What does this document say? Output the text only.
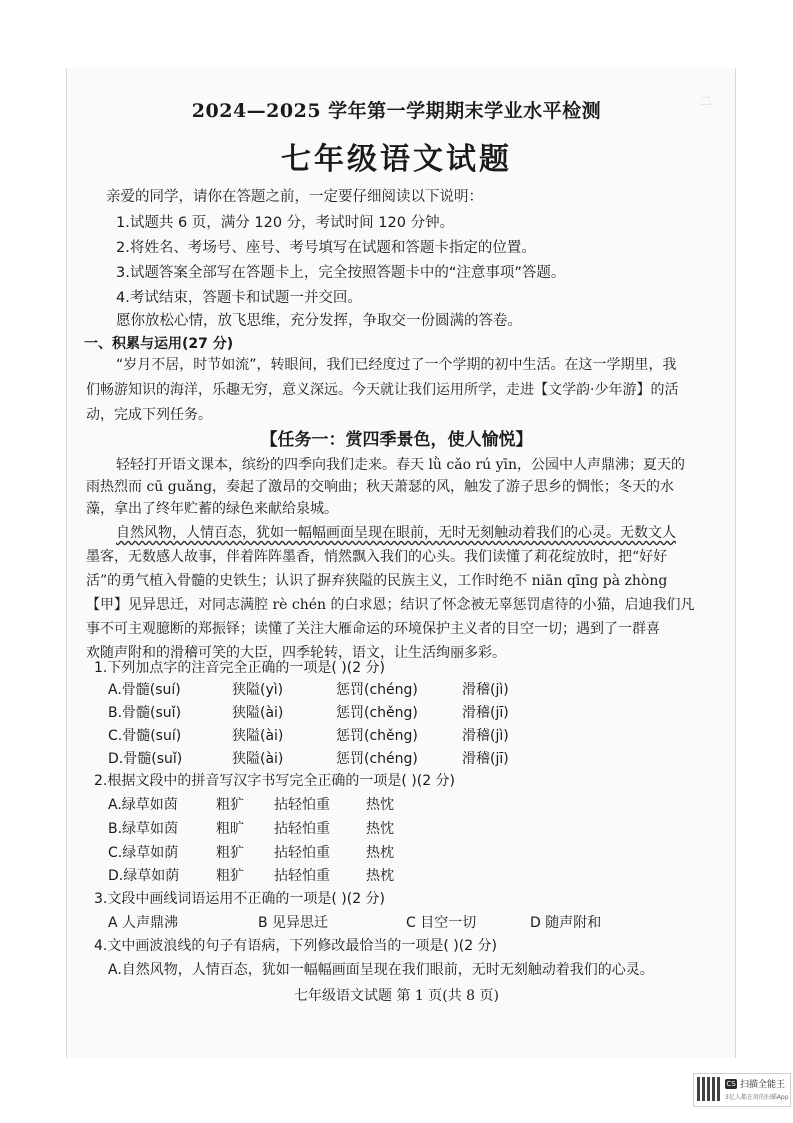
二
2024—2025 学年第一学期期末学业水平检测
七年级语文试题
亲爱的同学，请你在答题之前，一定要仔细阅读以下说明：
1.试题共 6 页，满分 120 分，考试时间 120 分钟。
2.将姓名、考场号、座号、考号填写在试题和答题卡指定的位置。
3.试题答案全部写在答题卡上，完全按照答题卡中的“注意事项”答题。
4.考试结束，答题卡和试题一并交回。
愿你放松心情，放飞思维，充分发挥，争取交一份圆满的答卷。
一、积累与运用(27 分)
“岁月不居，时节如流”，转眼间，我们已经度过了一个学期的初中生活。在这一学期里，我
们畅游知识的海洋，乐趣无穷，意义深远。今天就让我们运用所学，走进【文学韵·少年游】的活
动，完成下列任务。
【任务一：赏四季景色，使人愉悦】
轻轻打开语文课本，缤纷的四季向我们走来。春天 lǜ cǎo rú yīn，公园中人声鼎沸；夏天的
雨热烈而 cū guǎng，奏起了激昂的交响曲；秋天萧瑟的风，触发了游子思乡的惆怅；冬天的水
藻，拿出了终年贮蓄的绿色来献给泉城。
自然风物，人情百态，犹如一幅幅画面呈现在眼前，无时无刻触动着我们的心灵。无数文人
墨客，无数感人故事，伴着阵阵墨香，悄然飘入我们的心头。我们读懂了莉花绽放时，把“好好
活”的勇气植入骨髓的史铁生；认识了摒弃狭隘的民族主义，工作时绝不 niān qīng pà zhòng
【甲】见异思迁，对同志满腔 rè chén 的白求恩；结识了怀念被无辜惩罚虐待的小猫，启迪我们凡
事不可主观臆断的郑振铎；读懂了关注大雁命运的环境保护主义者的目空一切；遇到了一群喜
欢随声附和的滑稽可笑的大臣，四季轮转，语文，让生活绚丽多彩。
1.下列加点字的注音完全正确的一项是( )(2 分)
A.骨髓(suí)	狭隘(yì)	惩罚(chéng)	滑稽(jì)
B.骨髓(suǐ)	狭隘(ài)	惩罚(chěng)	滑稽(jī)
C.骨髓(suí)	狭隘(ài)	惩罚(chěng)	滑稽(jì)
D.骨髓(suǐ)	狭隘(ài)	惩罚(chéng)	滑稽(jī)
2.根据文段中的拼音写汉字书写完全正确的一项是( )(2 分)
A.绿草如茵	粗犷 拈轻怕重	热忱
B.绿草如茵	粗旷 拈轻怕重	热忱
C.绿草如荫	粗犷 拈轻怕重	热枕
D.绿草如荫	粗犷 拈轻怕重	热枕
3.文段中画线词语运用不正确的一项是( )(2 分)
A 人声鼎沸	B 见异思迁	C 目空一切	D 随声附和
4.文中画波浪线的句子有语病，下列修改最恰当的一项是( )(2 分)
A.自然风物，人情百态，犹如一幅幅画面呈现在我们眼前，无时无刻触动着我们的心灵。
七年级语文试题 第 1 页(共 8 页)
CS 扫描全能王
3亿人都在用的扫描App
